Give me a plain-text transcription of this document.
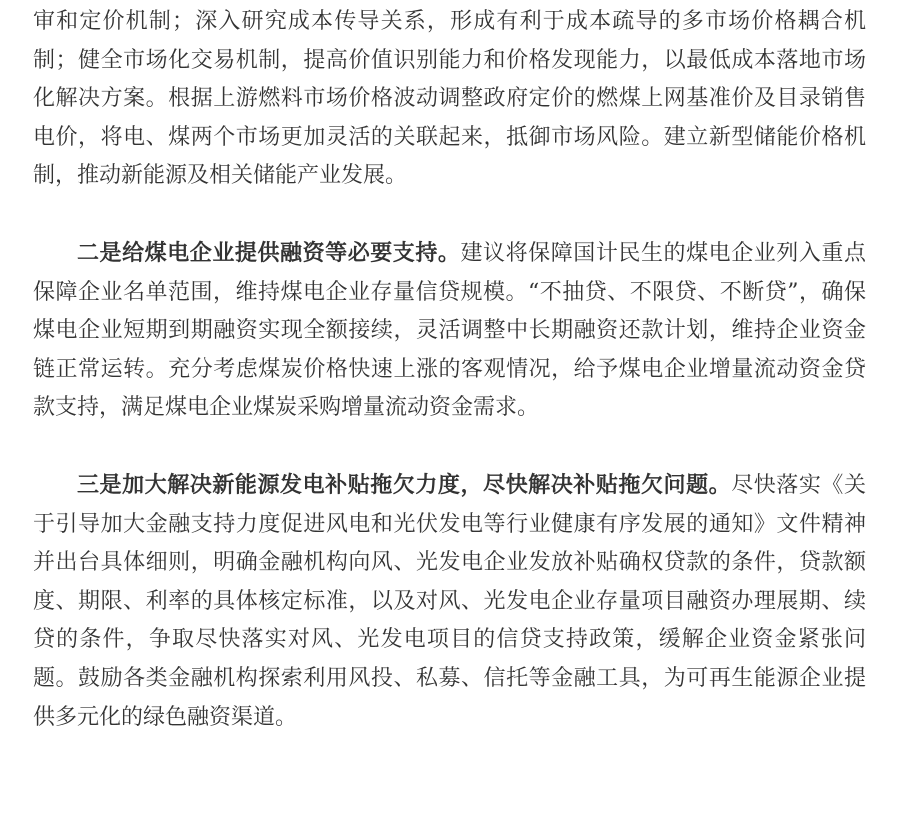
审和定价机制；深入研究成本传导关系，形成有利于成本疏导的多市场价格耦合机制；健全市场化交易机制，提高价值识别能力和价格发现能力，以最低成本落地市场化解决方案。根据上游燃料市场价格波动调整政府定价的燃煤上网基准价及目录销售电价，将电、煤两个市场更加灵活的关联起来，抵御市场风险。建立新型储能价格机制，推动新能源及相关储能产业发展。

二是给煤电企业提供融资等必要支持。建议将保障国计民生的煤电企业列入重点保障企业名单范围，维持煤电企业存量信贷规模。“不抽贷、不限贷、不断贷”，确保煤电企业短期到期融资实现全额接续，灵活调整中长期融资还款计划，维持企业资金链正常运转。充分考虑煤炭价格快速上涨的客观情况，给予煤电企业增量流动资金贷款支持，满足煤电企业煤炭采购增量流动资金需求。

三是加大解决新能源发电补贴拖欠力度，尽快解决补贴拖欠问题。尽快落实《关于引导加大金融支持力度促进风电和光伏发电等行业健康有序发展的通知》文件精神并出台具体细则，明确金融机构向风、光发电企业发放补贴确权贷款的条件，贷款额度、期限、利率的具体核定标准，以及对风、光发电企业存量项目融资办理展期、续贷的条件，争取尽快落实对风、光发电项目的信贷支持政策，缓解企业资金紧张问题。鼓励各类金融机构探索利用风投、私募、信托等金融工具，为可再生能源企业提供多元化的绿色融资渠道。
